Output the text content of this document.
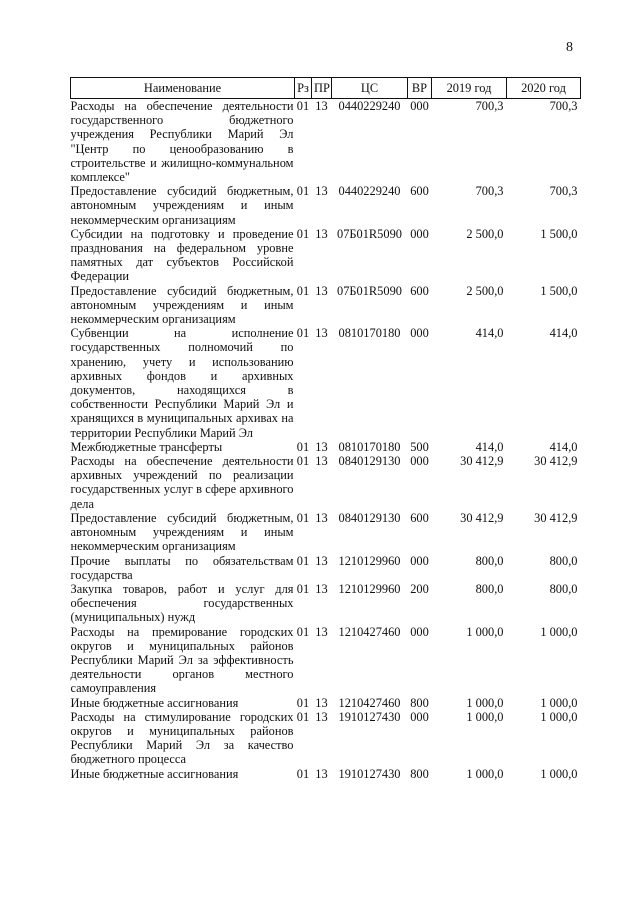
8
Наименование	Рз	ПР	ЦС	ВР	2019 год	2020 год
Расходы на обеспечение деятельности государственного бюджетного учреждения Республики Марий Эл "Центр по ценообразованию в строительстве и жилищно-коммунальном комплексе"	01	13	0440229240	000	700,3	700,3
Предоставление субсидий бюджетным, автономным учреждениям и иным некоммерческим организациям	01	13	0440229240	600	700,3	700,3
Субсидии на подготовку и проведение празднования на федеральном уровне памятных дат субъектов Российской Федерации	01	13	07Б01R5090	000	2 500,0	1 500,0
Предоставление субсидий бюджетным, автономным учреждениям и иным некоммерческим организациям	01	13	07Б01R5090	600	2 500,0	1 500,0
Субвенции на исполнение государственных полномочий по хранению, учету и использованию архивных фондов и архивных документов, находящихся в собственности Республики Марий Эл и хранящихся в муниципальных архивах на территории Республики Марий Эл	01	13	0810170180	000	414,0	414,0
Межбюджетные трансферты	01	13	0810170180	500	414,0	414,0
Расходы на обеспечение деятельности архивных учреждений по реализации государственных услуг в сфере архивного дела	01	13	0840129130	000	30 412,9	30 412,9
Предоставление субсидий бюджетным, автономным учреждениям и иным некоммерческим организациям	01	13	0840129130	600	30 412,9	30 412,9
Прочие выплаты по обязательствам государства	01	13	1210129960	000	800,0	800,0
Закупка товаров, работ и услуг для обеспечения государственных (муниципальных) нужд	01	13	1210129960	200	800,0	800,0
Расходы на премирование городских округов и муниципальных районов Республики Марий Эл за эффективность деятельности органов местного самоуправления	01	13	1210427460	000	1 000,0	1 000,0
Иные бюджетные ассигнования	01	13	1210427460	800	1 000,0	1 000,0
Расходы на стимулирование городских округов и муниципальных районов Республики Марий Эл за качество бюджетного процесса	01	13	1910127430	000	1 000,0	1 000,0
Иные бюджетные ассигнования	01	13	1910127430	800	1 000,0	1 000,0
